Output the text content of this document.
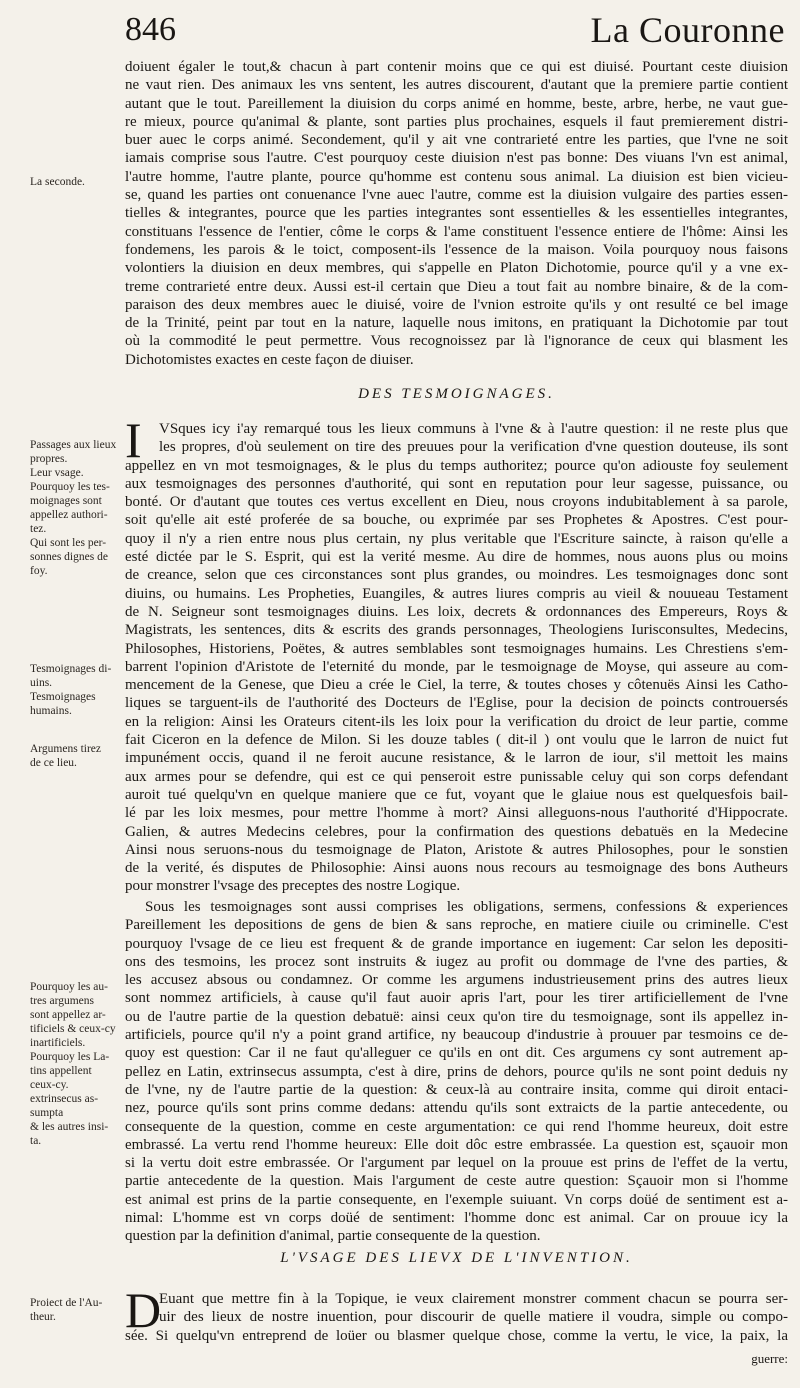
846	La Couronne
doiuent égaler le tout,& chacun à part contenir moins que ce qui est diuisé. Pourtant ceste diuision
ne vaut rien. Des animaux les vns sentent, les autres discourent, d'autant que la premiere partie contient
autant que le tout. Pareillement la diuision du corps animé en homme, beste, arbre, herbe, ne vaut gue-
re mieux, pource qu'animal & plante, sont parties plus prochaines, esquels il faut premierement distri-
buer auec le corps animé. Secondement, qu'il y ait vne contrarieté entre les parties, que l'vne ne soit
iamais comprise sous l'autre. C'est pourquoy ceste diuision n'est pas bonne: Des viuans l'vn est animal,
l'autre homme, l'autre plante, pource qu'homme est contenu sous animal. La diuision est bien vicieu-
se, quand les parties ont conuenance l'vne auec l'autre, comme est la diuision vulgaire des parties essen-
tielles & integrantes, pource que les parties integrantes sont essentielles & les essentielles integrantes,
constituans l'essence de l'entier, côme le corps & l'ame constituent l'essence entiere de l'hôme: Ainsi les
fondemens, les parois & le toict, composent-ils l'essence de la maison. Voila pourquoy nous faisons
volontiers la diuision en deux membres, qui s'appelle en Platon Dichotomie, pource qu'il y a vne ex-
treme contrarieté entre deux. Aussi est-il certain que Dieu a tout fait au nombre binaire, & de la com-
paraison des deux membres auec le diuisé, voire de l'vnion estroite qu'ils y ont resulté ce bel image
de la Trinité, peint par tout en la nature, laquelle nous imitons, en pratiquant la Dichotomie par tout
où la commodité le peut permettre. Vous recognoissez par là l'ignorance de ceux qui blasment les
Dichotomistes exactes en ceste façon de diuiser.
DES TESMOIGNAGES.
I	VSques icy i'ay remarqué tous les lieux communs à l'vne & à l'autre question: il ne reste plus que
les propres, d'où seulement on tire des preuues pour la verification d'vne question douteuse, ils sont
appellez en vn mot tesmoignages, & le plus du temps authoritez; pource qu'on adiouste foy seulement
aux tesmoignages des personnes d'authorité, qui sont en reputation pour leur sagesse, puissance, ou
bonté. Or d'autant que toutes ces vertus excellent en Dieu, nous croyons indubitablement à sa parole,
soit qu'elle ait esté proferée de sa bouche, ou exprimée par ses Prophetes & Apostres. C'est pour-
quoy il n'y a rien entre nous plus certain, ny plus veritable que l'Escriture saincte, à raison qu'elle a
esté dictée par le S. Esprit, qui est la verité mesme. Au dire de hommes, nous auons plus ou moins
de creance, selon que ces circonstances sont plus grandes, ou moindres. Les tesmoignages donc sont
diuins, ou humains. Les Propheties, Euangiles, & autres liures compris au vieil & nouueau Testament
de N. Seigneur sont tesmoignages diuins. Les loix, decrets & ordonnances des Empereurs, Roys &
Magistrats, les sentences, dits & escrits des grands personnages, Theologiens Iurisconsultes, Medecins,
Philosophes, Historiens, Poëtes, & autres semblables sont tesmoignages humains. Les Chrestiens s'em-
barrent l'opinion d'Aristote de l'eternité du monde, par le tesmoignage de Moyse, qui asseure au com-
mencement de la Genese, que Dieu a crée le Ciel, la terre, & toutes choses y côtenuës Ainsi les Catho-
liques se targuent-ils de l'authorité des Docteurs de l'Eglise, pour la decision de poincts controuersés
en la religion: Ainsi les Orateurs citent-ils les loix pour la verification du droict de leur partie, comme
fait Ciceron en la defence de Milon. Si les douze tables ( dit-il ) ont voulu que le larron de nuict fut
impunément occis, quand il ne feroit aucune resistance, & le larron de iour, s'il mettoit les mains
aux armes pour se defendre, qui est ce qui penseroit estre punissable celuy qui son corps defendant
auroit tué quelqu'vn en quelque maniere que ce fut, voyant que le glaiue nous est quelquesfois bail-
lé par les loix mesmes, pour mettre l'homme à mort? Ainsi alleguons-nous l'authorité d'Hippocrate.
Galien, & autres Medecins celebres, pour la confirmation des questions debatuës en la Medecine
Ainsi nous seruons-nous du tesmoignage de Platon, Aristote & autres Philosophes, pour le sonstien
de la verité, és disputes de Philosophie: Ainsi auons nous recours au tesmoignage des bons Autheurs
pour monstrer l'vsage des preceptes des nostre Logique.
Sous les tesmoignages sont aussi comprises les obligations, sermens, confessions & experiences
Pareillement les depositions de gens de bien & sans reproche, en matiere ciuile ou criminelle. C'est
pourquoy l'vsage de ce lieu est frequent & de grande importance en iugement: Car selon les depositi-
ons des tesmoins, les procez sont instruits & iugez au profit ou dommage de l'vne des parties, &
les accusez absous ou condamnez. Or comme les argumens industrieusement prins des autres lieux
sont nommez artificiels, à cause qu'il faut auoir apris l'art, pour les tirer artificiellement de l'vne
ou de l'autre partie de la question debatuë: ainsi ceux qu'on tire du tesmoignage, sont ils appellez in-
artificiels, pource qu'il n'y a point grand artifice, ny beaucoup d'industrie à prouuer par tesmoins ce de-
quoy est question: Car il ne faut qu'alleguer ce qu'ils en ont dit. Ces argumens cy sont autrement ap-
pellez en Latin, extrinsecus assumpta, c'est à dire, prins de dehors, pource qu'ils ne sont point deduis ny
de l'vne, ny de l'autre partie de la question: & ceux-là au contraire insita, comme qui diroit entaci-
nez, pource qu'ils sont prins comme dedans: attendu qu'ils sont extraicts de la partie antecedente, ou
consequente de la question, comme en ceste argumentation: ce qui rend l'homme heureux, doit estre
embrassé. La vertu rend l'homme heureux: Elle doit dôc estre embrassée. La question est, sçauoir mon
si la vertu doit estre embrassée. Or l'argument par lequel on la prouue est prins de l'effet de la vertu,
partie antecedente de la question. Mais l'argument de ceste autre question: Sçauoir mon si l'homme
est animal est prins de la partie consequente, en l'exemple suiuant. Vn corps doüé de sentiment est a-
nimal: L'homme est vn corps doüé de sentiment: l'homme donc est animal. Car on prouue icy la
question par la definition d'animal, partie consequente de la question.
L'VSAGE DES LIEVX DE L'INVENTION.
D
Euant que mettre fin à la Topique, ie veux clairement monstrer comment chacun se pourra ser-
uir des lieux de nostre inuention, pour discourir de quelle matiere il voudra, simple ou compo-
sée. Si quelqu'vn entreprend de loüer ou blasmer quelque chose, comme la vertu, le vice, la paix, la
guerre:
La seconde.
Passages aux lieux
propres.
Leur vsage.
Pourquoy les tes-
moignages sont
appellez authori-
tez.
Qui sont les per-
sonnes dignes de
foy.
Tesmoignages di-
uins.
Tesmoignages
humains.
Argumens tirez
de ce lieu.
Pourquoy les au-
tres argumens
sont appellez ar-
tificiels & ceux-cy
inartificiels.
Pourquoy les La-
tins appellent
ceux-cy.
extrinsecus as-
sumpta
& les autres insi-
ta.
Proiect de l'Au-
theur.
